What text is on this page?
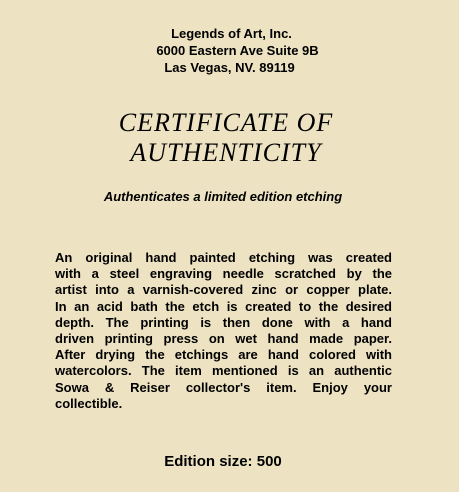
Legends of Art, Inc.
6000 Eastern Ave Suite 9B
Las Vegas, NV. 89119
CERTIFICATE OF
AUTHENTICITY
Authenticates a limited edition etching
An original hand painted etching was created
with a steel engraving needle scratched by the
artist into a varnish-covered zinc or copper plate.
In an acid bath the etch is created to the desired
depth. The printing is then done with a hand
driven printing press on wet hand made paper.
After drying the etchings are hand colored with
watercolors. The item mentioned is an authentic
Sowa & Reiser collector's item. Enjoy your
collectible.
Edition size: 500
